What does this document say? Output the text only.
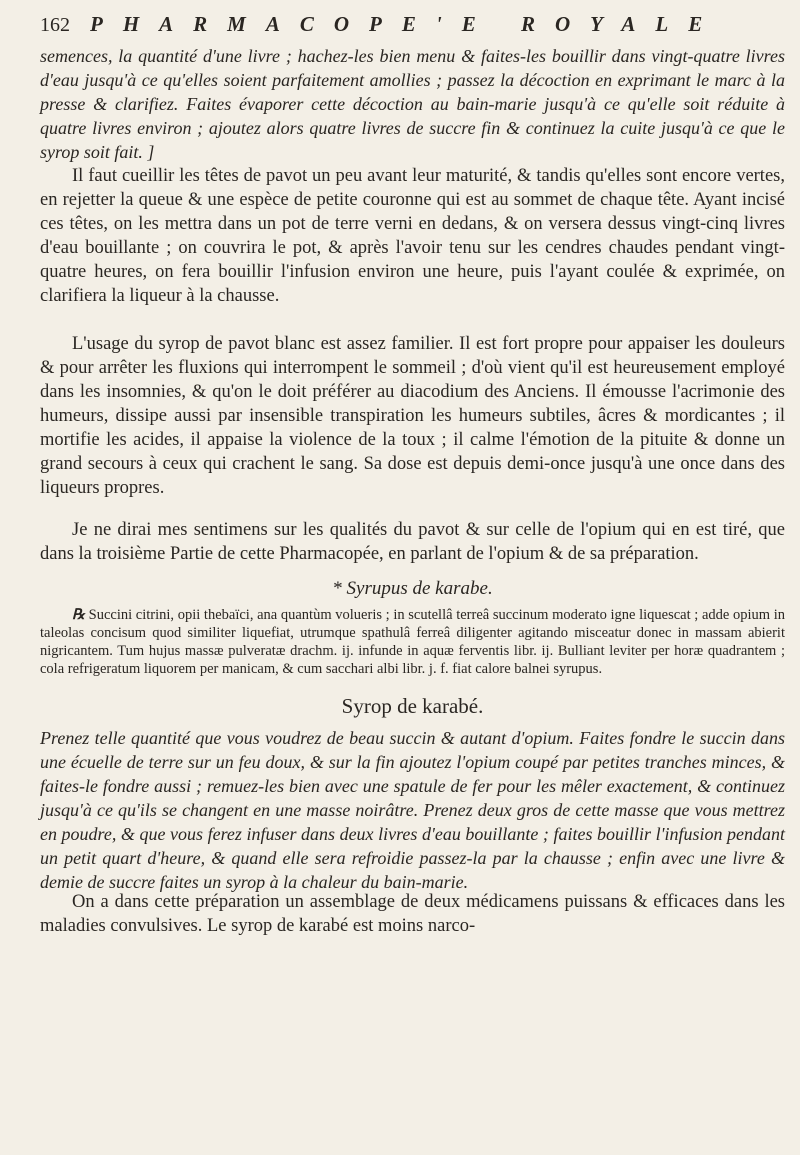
162 PHARMACOPE'E ROYALE

semences, la quantité d'une livre ; hachez-les bien menu & faites-les bouillir dans vingt-quatre livres d'eau jusqu'à ce qu'elles soient parfaitement amollies ; passez la décoction en exprimant le marc à la presse & clarifiez. Faites évaporer cette décoction au bain-marie jusqu'à ce qu'elle soit réduite à quatre livres environ ; ajoutez alors quatre livres de succre fin & continuez la cuite jusqu'à ce que le syrop soit fait. ]

Il faut cueillir les têtes de pavot un peu avant leur maturité, & tandis qu'elles sont encore vertes, en rejetter la queue & une espèce de petite couronne qui est au sommet de chaque tête. Ayant incisé ces têtes, on les mettra dans un pot de terre verni en dedans, & on versera dessus vingt-cinq livres d'eau bouillante ; on couvrira le pot, & après l'avoir tenu sur les cendres chaudes pendant vingt-quatre heures, on fera bouillir l'infusion environ une heure, puis l'ayant coulée & exprimée, on clarifiera la liqueur à la chausse.

L'usage du syrop de pavot blanc est assez familier. Il est fort propre pour appaiser les douleurs & pour arrêter les fluxions qui interrompent le sommeil ; d'où vient qu'il est heureusement employé dans les insomnies, & qu'on le doit préférer au diacodium des Anciens. Il émousse l'acrimonie des humeurs, dissipe aussi par insensible transpiration les humeurs subtiles, âcres & mordicantes ; il mortifie les acides, il appaise la violence de la toux ; il calme l'émotion de la pituite & donne un grand secours à ceux qui crachent le sang. Sa dose est depuis demi-once jusqu'à une once dans des liqueurs propres.

Je ne dirai mes sentimens sur les qualités du pavot & sur celle de l'opium qui en est tiré, que dans la troisième Partie de cette Pharmacopée, en parlant de l'opium & de sa préparation.

* Syrupus de karabe.

℞ Succini citrini, opii thebaïci, ana quantùm volueris ; in scutellâ terreâ succinum moderato igne liquescat ; adde opium in taleolas concisum quod similiter liquefiat, utrumque spathulâ ferreâ diligenter agitando misceatur donec in massam abierit nigricantem. Tum hujus massæ pulveratæ drachm. ij. infunde in aquæ ferventis libr. ij. Bulliant leviter per horæ quadrantem ; cola refrigeratum liquorem per manicam, & cum sacchari albi libr. j. f. fiat calore balnei syrupus.

Syrop de karabé.

Prenez telle quantité que vous voudrez de beau succin & autant d'opium. Faites fondre le succin dans une écuelle de terre sur un feu doux, & sur la fin ajoutez l'opium coupé par petites tranches minces, & faites-le fondre aussi ; remuez-les bien avec une spatule de fer pour les mêler exactement, & continuez jusqu'à ce qu'ils se changent en une masse noirâtre. Prenez deux gros de cette masse que vous mettrez en poudre, & que vous ferez infuser dans deux livres d'eau bouillante ; faites bouillir l'infusion pendant un petit quart d'heure, & quand elle sera refroidie passez-la par la chausse ; enfin avec une livre & demie de succre faites un syrop à la chaleur du bain-marie.

On a dans cette préparation un assemblage de deux médicamens puissans & efficaces dans les maladies convulsives. Le syrop de karabé est moins narco-
